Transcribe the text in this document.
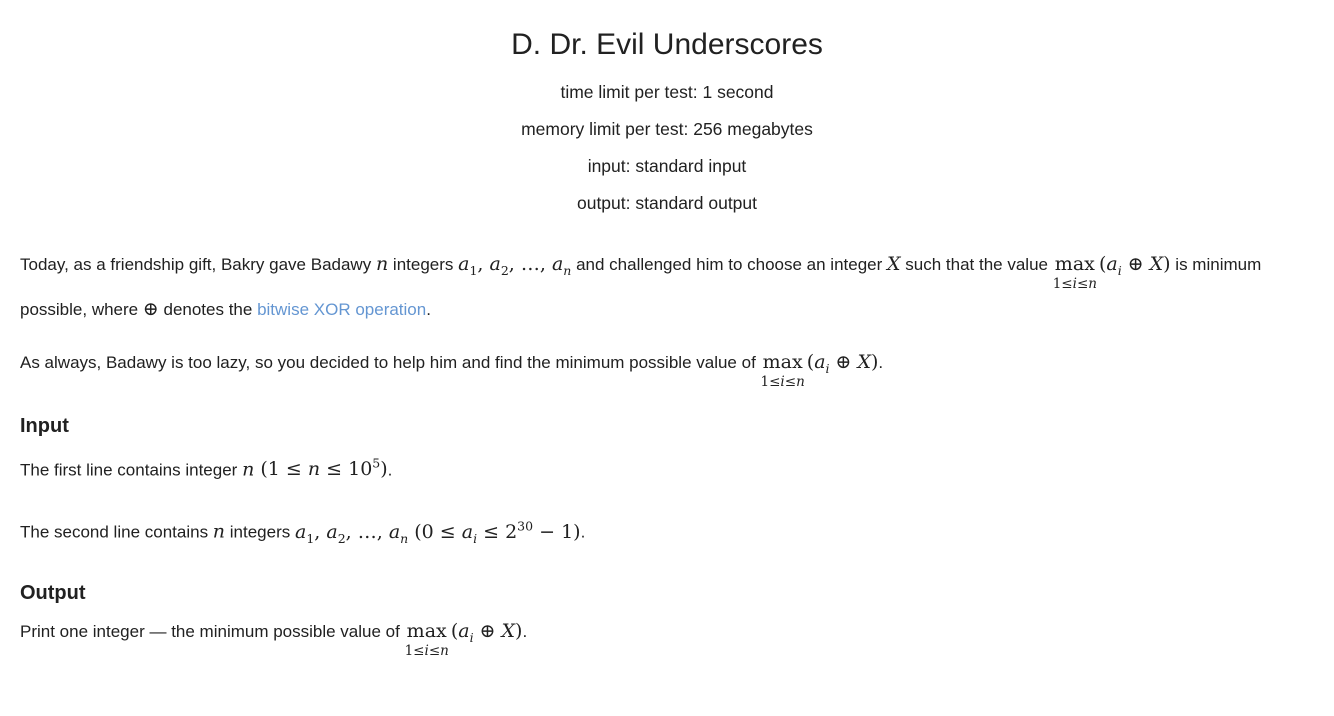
D. Dr. Evil Underscores
time limit per test: 1 second
memory limit per test: 256 megabytes
input: standard input
output: standard output

Today, as a friendship gift, Bakry gave Badawy n integers $a_1$, $a_2$, …, $a_n$ and challenged him to choose an integer X such that the value max
1≤i≤n
($a_i$ ⊕ X) is minimum possible, where ⊕ denotes the bitwise XOR operation.

As always, Badawy is too lazy, so you decided to help him and find the minimum possible value of max
1≤i≤n
($a_i$ ⊕ X).

Input

The first line contains integer n $(1 \le n \le 10^5)$.

The second line contains n integers $a_1$, $a_2$, …, $a_n$ $(0 \le a_i \le 2^{30} - 1)$.

Output

Print one integer — the minimum possible value of max
1≤i≤n
($a_i$ ⊕ X).
